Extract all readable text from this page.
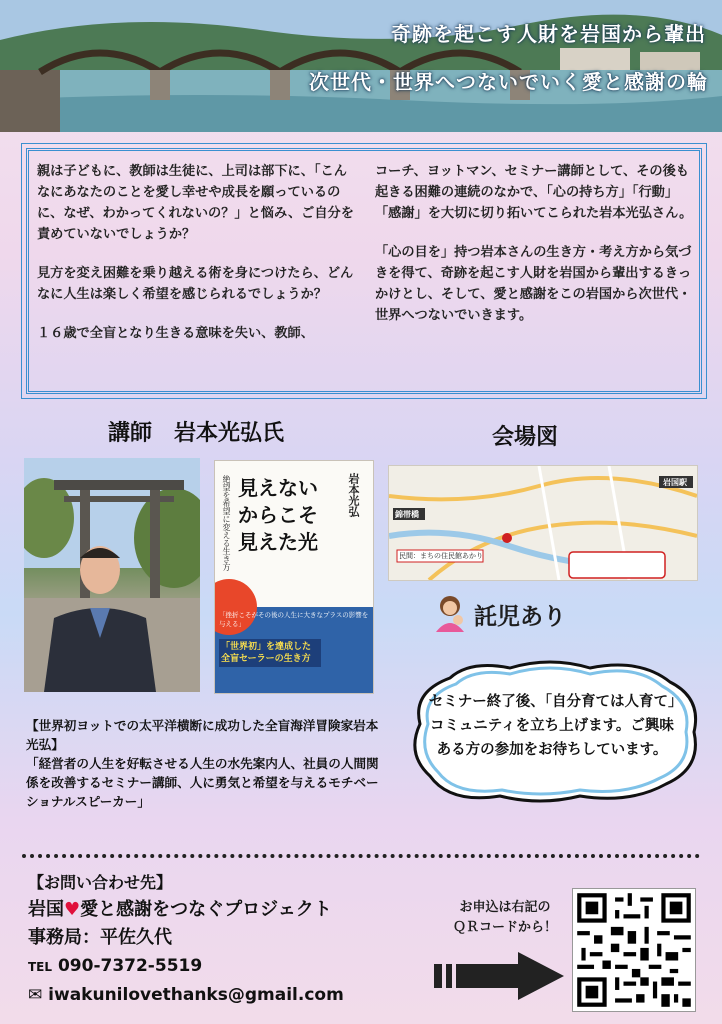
奇跡を起こす人財を岩国から輩出
次世代・世界へつないでいく愛と感謝の輪

親は子どもに、教師は生徒に、上司は部下に、「こんなにあなたのことを愛し幸せや成長を願っているのに、なぜ、わかってくれないの？」と悩み、ご自分を責めていないでしょうか？

見方を変え困難を乗り越える術を身につけたら、どんなに人生は楽しく希望を感じられるでしょうか？

１６歳で全盲となり生きる意味を失い、教師、

コーチ、ヨットマン、セミナー講師として、その後も起きる困難の連続のなかで、「心の持ち方」「行動」「感謝」を大切に切り拓いてこられた岩本光弘さん。

「心の目を」持つ岩本さんの生き方・考え方から気づきを得て、奇跡を起こす人財を岩国から輩出するきっかけとし、そして、愛と感謝をこの岩国から次世代・世界へつないでいきます。

講師　岩本光弘氏	会場図
絶望を希望に変える生き方 見えないからこそ見えた光
岩本光弘
「挫折こそがその後の人生に大きなプラスの影響を与える」
「世界初」を達成した全盲セーラーの生き方
錦帯橋
岩国駅
民間：まちの住民館あかり
託児あり
セミナー終了後、「自分育ては人育て」コミュニティを立ち上げます。ご興味ある方の参加をお待ちしています。

【世界初ヨットでの太平洋横断に成功した全盲海洋冒険家岩本光弘】

「経営者の人生を好転させる人生の水先案内人、社員の人間関係を改善するセミナー講師、人に勇気と希望を与えるモチベーショナルスピーカー」

【お問い合わせ先】
岩国♥愛と感謝をつなぐプロジェクト
事務局：平佐久代
TEL 090-7372-5519
✉ iwakunilovethanks@gmail.com
お申込は右記の
ＱＲコードから！
